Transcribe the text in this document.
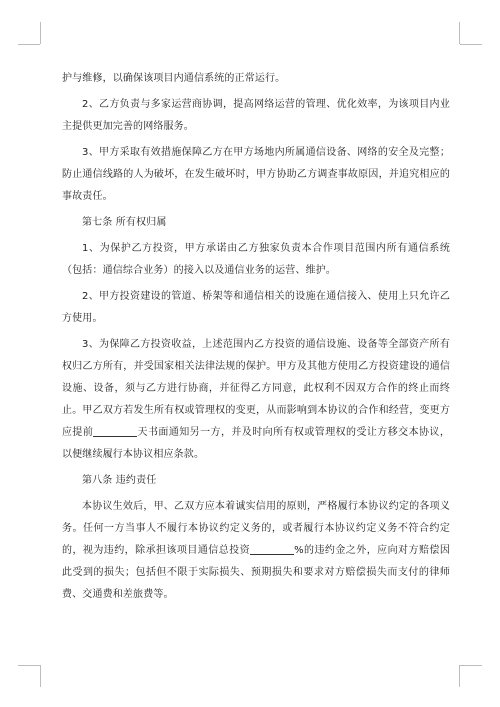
护与维修，以确保该项目内通信系统的正常运行。

2、乙方负责与多家运营商协调，提高网络运营的管理、优化效率，为该项目内业主提供更加完善的网络服务。

3、甲方采取有效措施保障乙方在甲方场地内所属通信设备、网络的安全及完整；防止通信线路的人为破坏，在发生破坏时，甲方协助乙方调查事故原因，并追究相应的事故责任。

第七条 所有权归属

1、为保护乙方投资，甲方承诺由乙方独家负责本合作项目范围内所有通信系统（包括：通信综合业务）的接入以及通信业务的运营、维护。

2、甲方投资建设的管道、桥架等和通信相关的设施在通信接入、使用上只允许乙方使用。

3、为保障乙方投资收益，上述范围内乙方投资的通信设施、设备等全部资产所有权归乙方所有，并受国家相关法律法规的保护。甲方及其他方使用乙方投资建设的通信设施、设备，须与乙方进行协商，并征得乙方同意，此权利不因双方合作的终止而终止。甲乙双方若发生所有权或管理权的变更，从而影响到本协议的合作和经营，变更方应提前	天书面通知另一方，并及时向所有权或管理权的受让方移交本协议，以便继续履行本协议相应条款。

第八条 违约责任

本协议生效后，甲、乙双方应本着诚实信用的原则，严格履行本协议约定的各项义务。任何一方当事人不履行本协议约定义务的，或者履行本协议约定义务不符合约定的，视为违约，除承担该项目通信总投资	%的违约金之外，应向对方赔偿因此受到的损失；包括但不限于实际损失、预期损失和要求对方赔偿损失而支付的律师费、交通费和差旅费等。
